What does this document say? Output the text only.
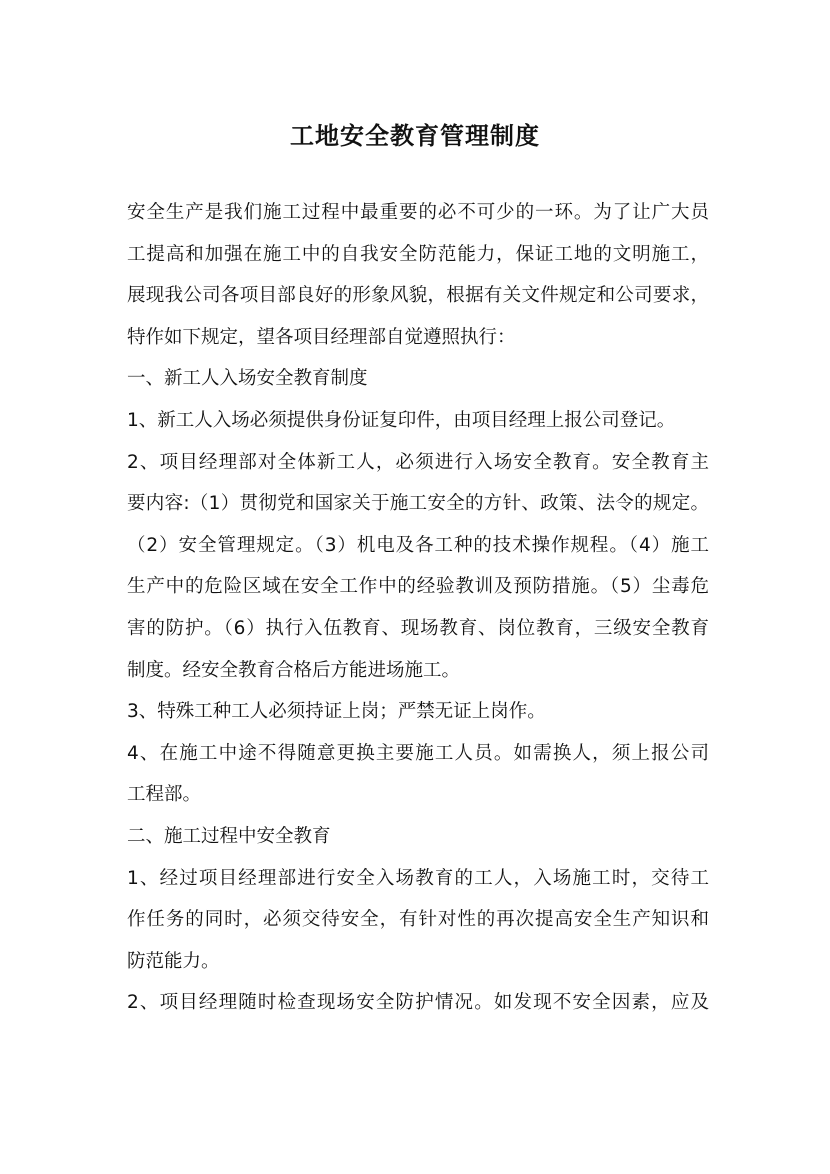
工地安全教育管理制度
安全生产是我们施工过程中最重要的必不可少的一环。为了让广大员
工提高和加强在施工中的自我安全防范能力，保证工地的文明施工，
展现我公司各项目部良好的形象风貌，根据有关文件规定和公司要求，
特作如下规定，望各项目经理部自觉遵照执行：
一、新工人入场安全教育制度
1、新工人入场必须提供身份证复印件，由项目经理上报公司登记。
2、项目经理部对全体新工人，必须进行入场安全教育。安全教育主
要内容:（1）贯彻党和国家关于施工安全的方针、政策、法令的规定。
（2）安全管理规定。（3）机电及各工种的技术操作规程。（4）施工
生产中的危险区域在安全工作中的经验教训及预防措施。（5）尘毒危
害的防护。（6）执行入伍教育、现场教育、岗位教育，三级安全教育
制度。经安全教育合格后方能进场施工。
3、特殊工种工人必须持证上岗；严禁无证上岗作。
4、在施工中途不得随意更换主要施工人员。如需换人，须上报公司
工程部。
二、施工过程中安全教育
1、经过项目经理部进行安全入场教育的工人，入场施工时，交待工
作任务的同时，必须交待安全，有针对性的再次提高安全生产知识和
防范能力。
2、项目经理随时检查现场安全防护情况。如发现不安全因素，应及
